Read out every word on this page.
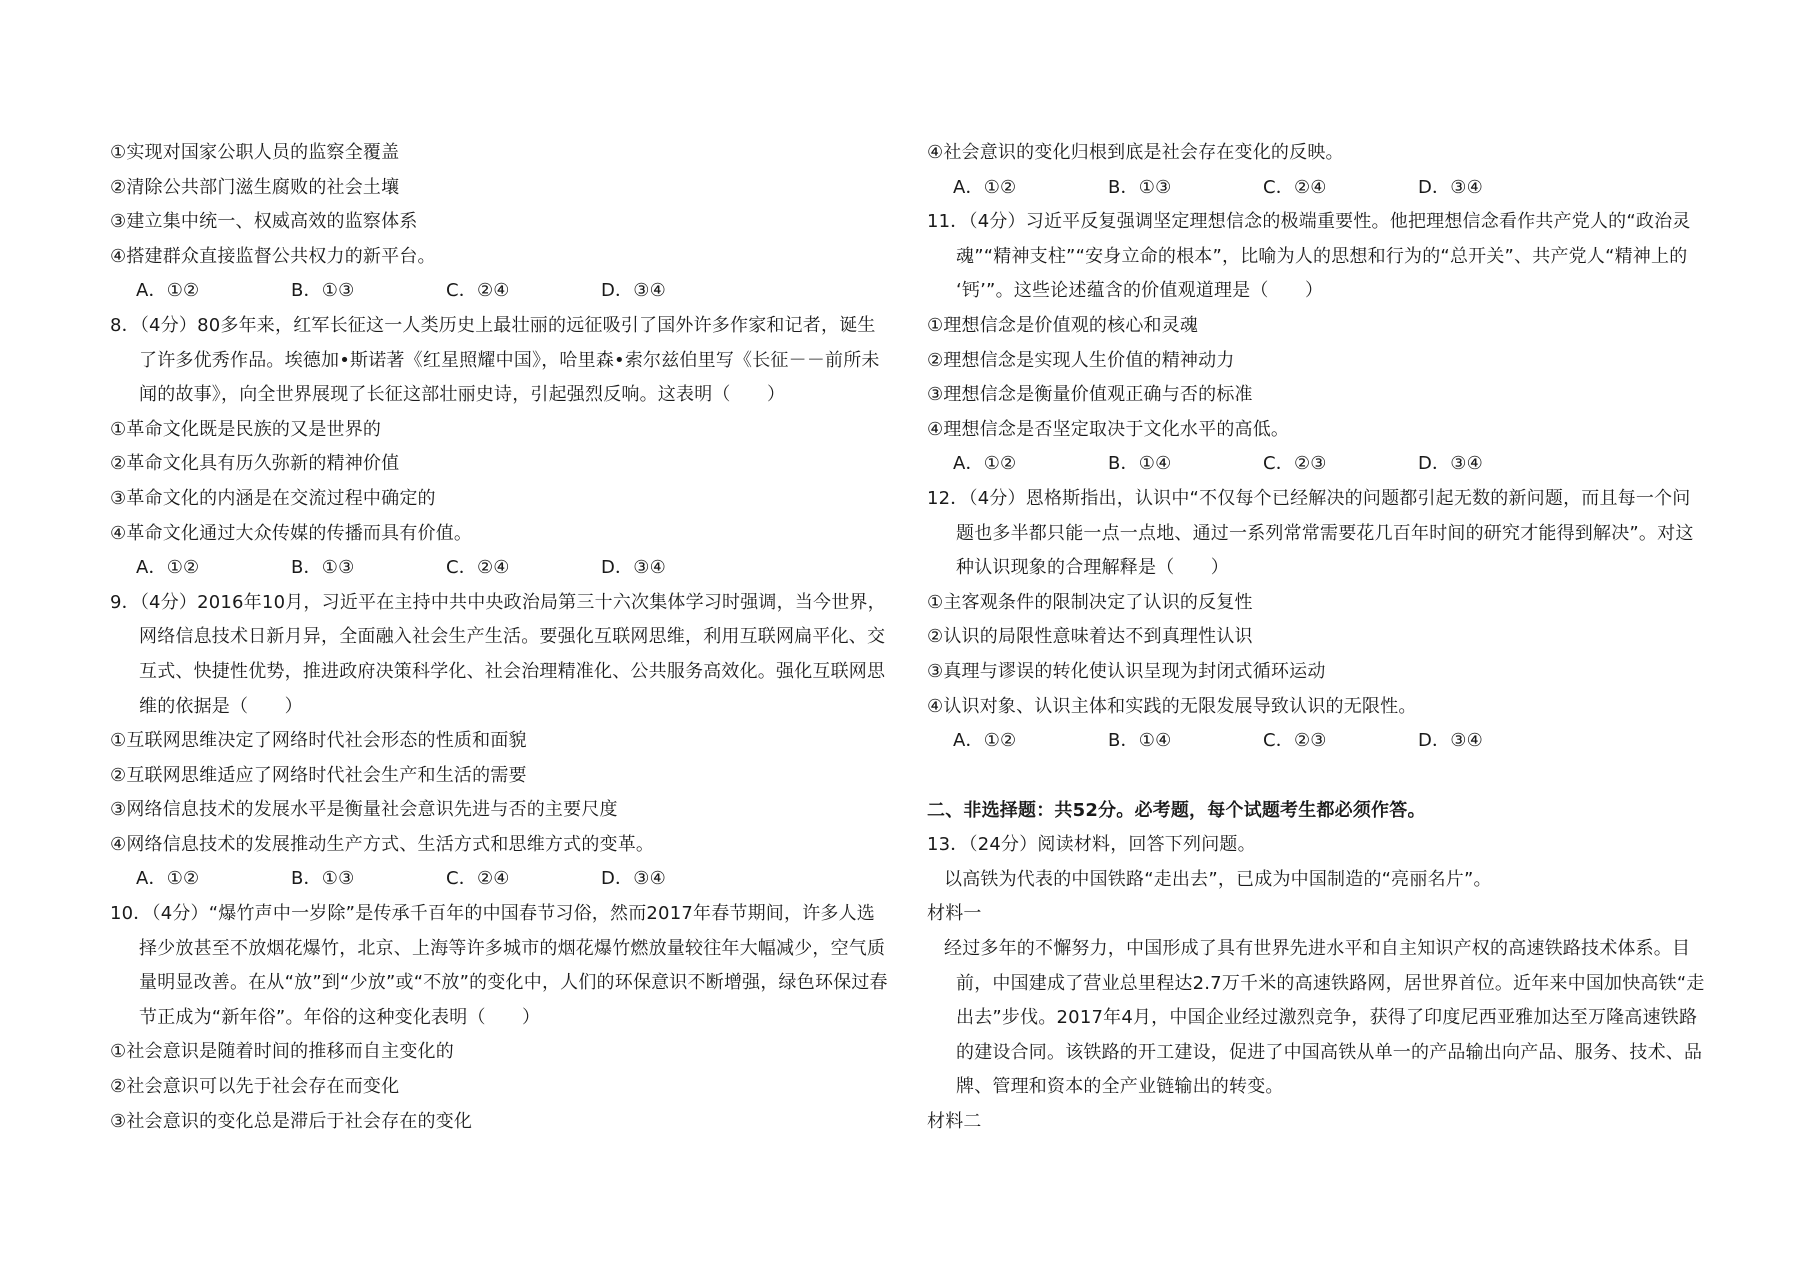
①实现对国家公职人员的监察全覆盖
②清除公共部门滋生腐败的社会土壤
③建立集中统一、权威高效的监察体系
④搭建群众直接监督公共权力的新平台。
A．①②	B．①③	C．②④	D．③④
8．（4分）80多年来，红军长征这一人类历史上最壮丽的远征吸引了国外许多作家和记者，诞生
了许多优秀作品。埃德加•斯诺著《红星照耀中国》，哈里森•索尔兹伯里写《长征－－前所未
闻的故事》，向全世界展现了长征这部壮丽史诗，引起强烈反响。这表明（　　）
①革命文化既是民族的又是世界的
②革命文化具有历久弥新的精神价值
③革命文化的内涵是在交流过程中确定的
④革命文化通过大众传媒的传播而具有价值。
A．①②	B．①③	C．②④	D．③④
9．（4分）2016年10月，习近平在主持中共中央政治局第三十六次集体学习时强调，当今世界，
网络信息技术日新月异，全面融入社会生产生活。要强化互联网思维，利用互联网扁平化、交
互式、快捷性优势，推进政府决策科学化、社会治理精准化、公共服务高效化。强化互联网思
维的依据是（　　）
①互联网思维决定了网络时代社会形态的性质和面貌
②互联网思维适应了网络时代社会生产和生活的需要
③网络信息技术的发展水平是衡量社会意识先进与否的主要尺度
④网络信息技术的发展推动生产方式、生活方式和思维方式的变革。
A．①②	B．①③	C．②④	D．③④
10．（4分）“爆竹声中一岁除”是传承千百年的中国春节习俗，然而2017年春节期间，许多人选
择少放甚至不放烟花爆竹，北京、上海等许多城市的烟花爆竹燃放量较往年大幅减少，空气质
量明显改善。在从“放”到“少放”或“不放”的变化中，人们的环保意识不断增强，绿色环保过春
节正成为“新年俗”。年俗的这种变化表明（　　）
①社会意识是随着时间的推移而自主变化的
②社会意识可以先于社会存在而变化
③社会意识的变化总是滞后于社会存在的变化
④社会意识的变化归根到底是社会存在变化的反映。
A．①②	B．①③	C．②④	D．③④
11．（4分）习近平反复强调坚定理想信念的极端重要性。他把理想信念看作共产党人的“政治灵
魂”“精神支柱”“安身立命的根本”，比喻为人的思想和行为的“总开关”、共产党人“精神上的
‘钙’”。这些论述蕴含的价值观道理是（　　）
①理想信念是价值观的核心和灵魂
②理想信念是实现人生价值的精神动力
③理想信念是衡量价值观正确与否的标准
④理想信念是否坚定取决于文化水平的高低。
A．①②	B．①④	C．②③	D．③④
12．（4分）恩格斯指出，认识中“不仅每个已经解决的问题都引起无数的新问题，而且每一个问
题也多半都只能一点一点地、通过一系列常常需要花几百年时间的研究才能得到解决”。对这
种认识现象的合理解释是（　　）
①主客观条件的限制决定了认识的反复性
②认识的局限性意味着达不到真理性认识
③真理与谬误的转化使认识呈现为封闭式循环运动
④认识对象、认识主体和实践的无限发展导致认识的无限性。
A．①②	B．①④	C．②③	D．③④
二、非选择题：共52分。必考题，每个试题考生都必须作答。
13．（24分）阅读材料，回答下列问题。
以高铁为代表的中国铁路“走出去”，已成为中国制造的“亮丽名片”。
材料一
经过多年的不懈努力，中国形成了具有世界先进水平和自主知识产权的高速铁路技术体系。目
前，中国建成了营业总里程达2.7万千米的高速铁路网，居世界首位。近年来中国加快高铁“走
出去”步伐。2017年4月，中国企业经过激烈竞争，获得了印度尼西亚雅加达至万隆高速铁路
的建设合同。该铁路的开工建设，促进了中国高铁从单一的产品输出向产品、服务、技术、品
牌、管理和资本的全产业链输出的转变。
材料二
